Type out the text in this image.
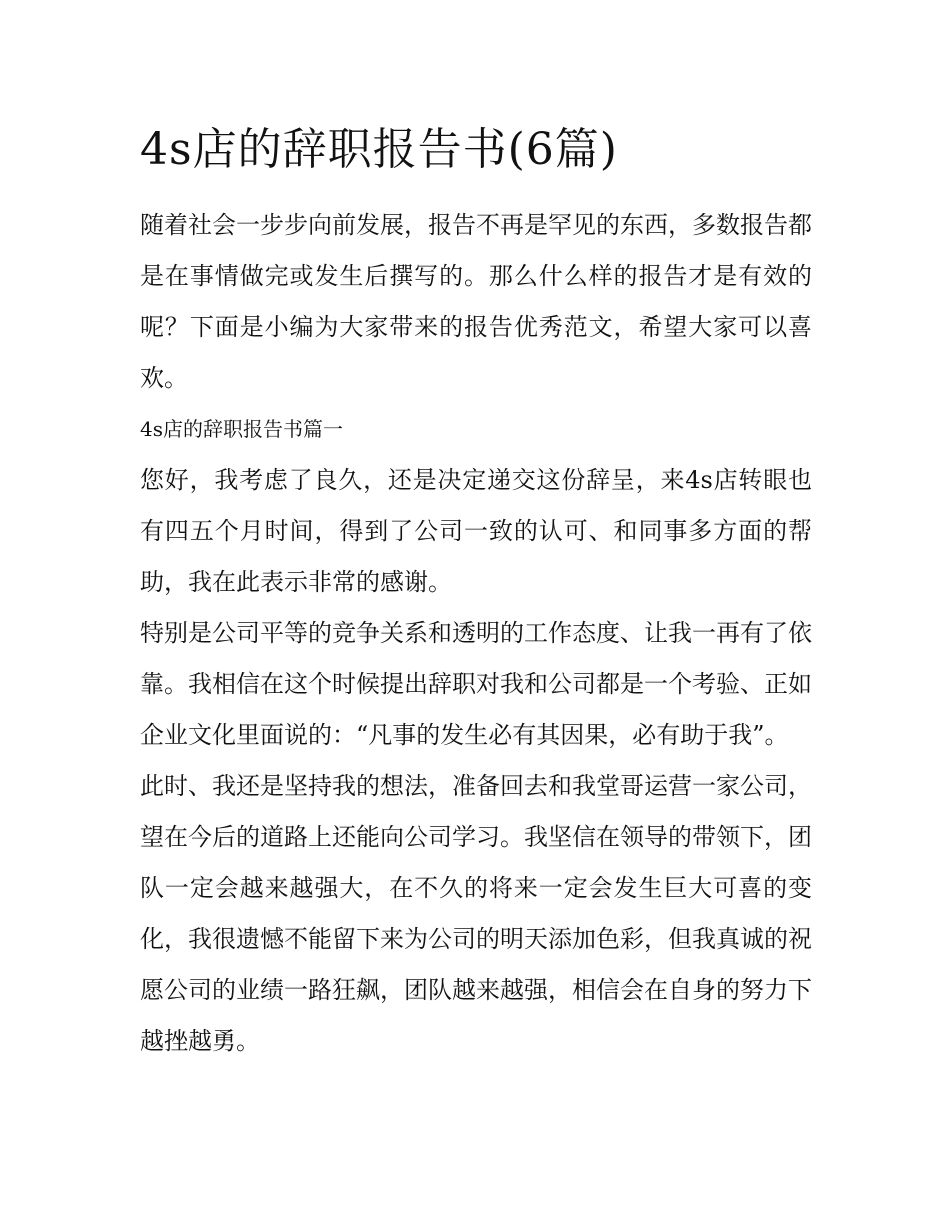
4s店的辞职报告书(6篇)

随着社会一步步向前发展，报告不再是罕见的东西，多数报告都是在事情做完或发生后撰写的。那么什么样的报告才是有效的呢？下面是小编为大家带来的报告优秀范文，希望大家可以喜欢。

4s店的辞职报告书篇一

您好，我考虑了良久，还是决定递交这份辞呈，来4s店转眼也有四五个月时间，得到了公司一致的认可、和同事多方面的帮助，我在此表示非常的感谢。

特别是公司平等的竞争关系和透明的工作态度、让我一再有了依靠。我相信在这个时候提出辞职对我和公司都是一个考验、正如企业文化里面说的：“凡事的发生必有其因果，必有助于我”。

此时、我还是坚持我的想法，准备回去和我堂哥运营一家公司，望在今后的道路上还能向公司学习。我坚信在领导的带领下，团队一定会越来越强大，在不久的将来一定会发生巨大可喜的变化，我很遗憾不能留下来为公司的明天添加色彩，但我真诚的祝愿公司的业绩一路狂飙，团队越来越强，相信会在自身的努力下越挫越勇。
